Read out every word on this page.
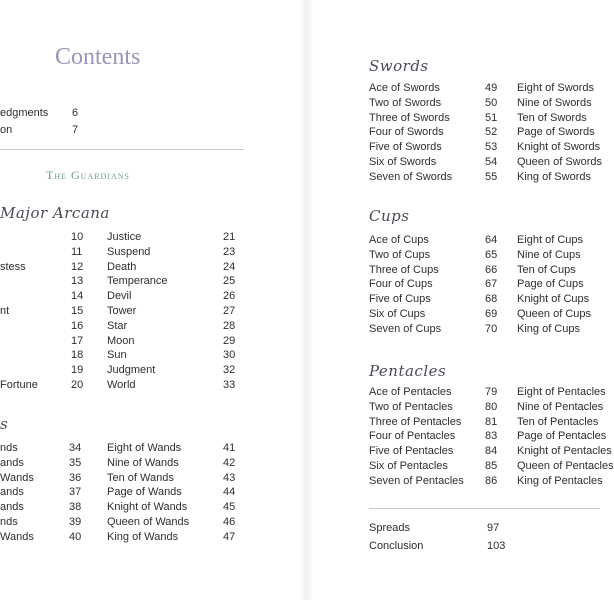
Contents
edgments 6
on	7
The Guardians
Major Arcana
10 Justice	21
11 Suspend	23
stess	12 Death	24
13 Temperance	25
14 Devil	26
nt	15 Tower	27
16 Star	28
17 Moon	29
18 Sun	30
19 Judgment	32
Fortune	20 World	33
s
nds	34 Eight of Wands	41
ands	35 Nine of Wands	42
Wands	36 Ten of Wands	43
ands	37 Page of Wands	44
ands	38 Knight of Wands	45
nds	39 Queen of Wands	46
Wands	40 King of Wands	47
Swords
Ace of Swords	49 Eight of Swords
Two of Swords	50 Nine of Swords
Three of Swords	51 Ten of Swords
Four of Swords	52 Page of Swords
Five of Swords	53 Knight of Swords
Six of Swords	54 Queen of Swords
Seven of Swords	55 King of Swords
Cups
Ace of Cups	64 Eight of Cups
Two of Cups	65 Nine of Cups
Three of Cups	66 Ten of Cups
Four of Cups	67 Page of Cups
Five of Cups	68 Knight of Cups
Six of Cups	69 Queen of Cups
Seven of Cups	70 King of Cups
Pentacles
Ace of Pentacles	79 Eight of Pentacles
Two of Pentacles	80 Nine of Pentacles
Three of Pentacles 81 Ten of Pentacles
Four of Pentacles	83 Page of Pentacles
Five of Pentacles	84 Knight of Pentacles
Six of Pentacles	85 Queen of Pentacles
Seven of Pentacles 86 King of Pentacles
Spreads	97
Conclusion	103
